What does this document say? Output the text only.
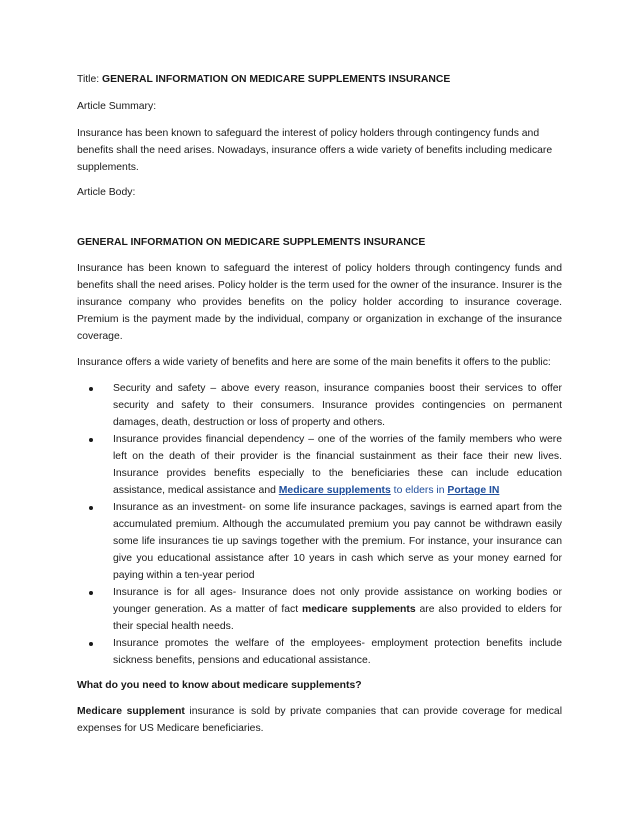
Title: GENERAL INFORMATION ON MEDICARE SUPPLEMENTS INSURANCE

Article Summary:

Insurance has been known to safeguard the interest of policy holders through contingency funds and benefits shall the need arises. Nowadays, insurance offers a wide variety of benefits including medicare supplements.

Article Body:

GENERAL INFORMATION ON MEDICARE SUPPLEMENTS INSURANCE

Insurance has been known to safeguard the interest of policy holders through contingency funds and benefits shall the need arises. Policy holder is the term used for the owner of the insurance. Insurer is the insurance company who provides benefits on the policy holder according to insurance coverage. Premium is the payment made by the individual, company or organization in exchange of the insurance coverage.

Insurance offers a wide variety of benefits and here are some of the main benefits it offers to the public:

Security and safety – above every reason, insurance companies boost their services to offer security and safety to their consumers. Insurance provides contingencies on permanent damages, death, destruction or loss of property and others.
Insurance provides financial dependency – one of the worries of the family members who were left on the death of their provider is the financial sustainment as their face their new lives. Insurance provides benefits especially to the beneficiaries these can include education assistance, medical assistance and Medicare supplements to elders in Portage IN
Insurance as an investment- on some life insurance packages, savings is earned apart from the accumulated premium. Although the accumulated premium you pay cannot be withdrawn easily some life insurances tie up savings together with the premium. For instance, your insurance can give you educational assistance after 10 years in cash which serve as your money earned for paying within a ten-year period
Insurance is for all ages- Insurance does not only provide assistance on working bodies or younger generation. As a matter of fact medicare supplements are also provided to elders for their special health needs.
Insurance promotes the welfare of the employees- employment protection benefits include sickness benefits, pensions and educational assistance.

What do you need to know about medicare supplements?

Medicare supplement insurance is sold by private companies that can provide coverage for medical expenses for US Medicare beneficiaries.
